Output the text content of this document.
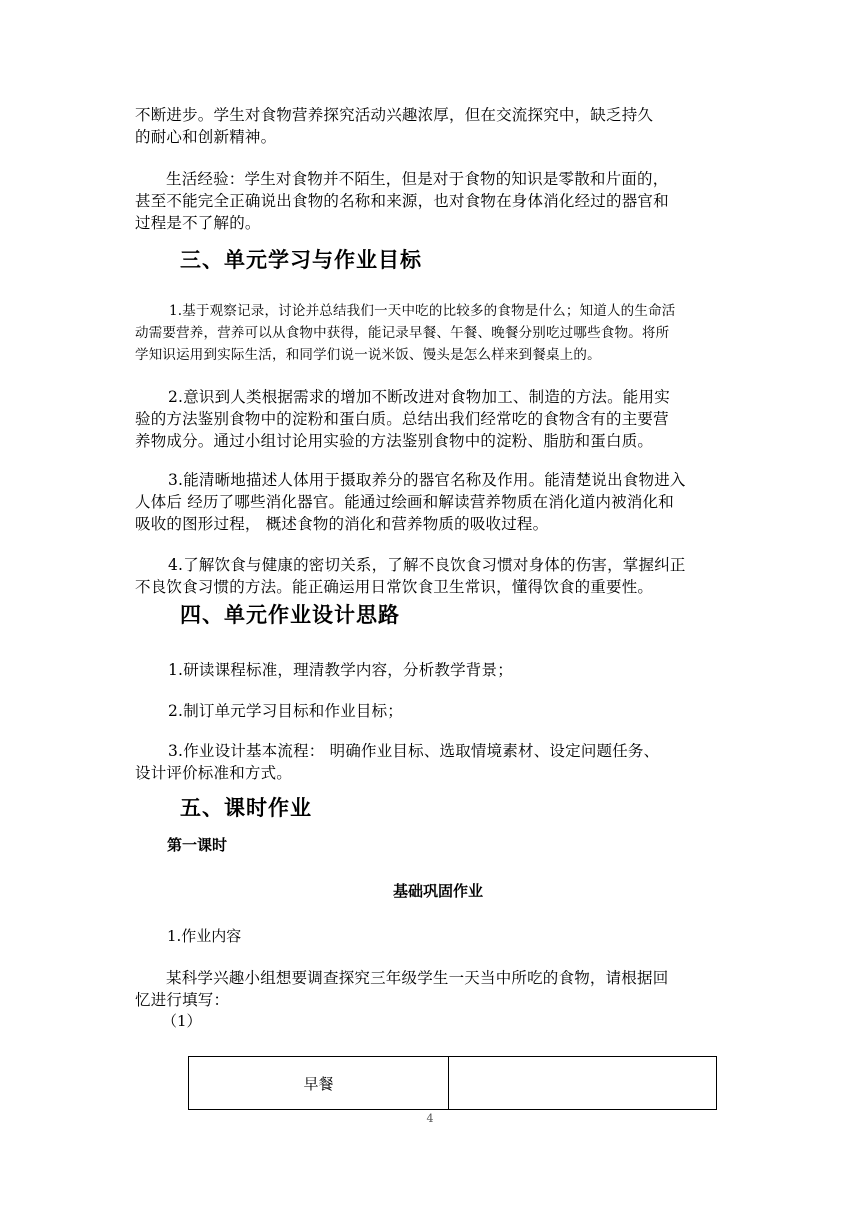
不断进步。学生对食物营养探究活动兴趣浓厚，但在交流探究中，缺乏持久
的耐心和创新精神。
生活经验：学生对食物并不陌生，但是对于食物的知识是零散和片面的，
甚至不能完全正确说出食物的名称和来源，也对食物在身体消化经过的器官和
过程是不了解的。
三、单元学习与作业目标
1.基于观察记录，讨论并总结我们一天中吃的比较多的食物是什么；知道人的生命活
动需要营养，营养可以从食物中获得，能记录早餐、午餐、晚餐分别吃过哪些食物。将所
学知识运用到实际生活，和同学们说一说米饭、馒头是怎么样来到餐桌上的。
2.意识到人类根据需求的增加不断改进对食物加工、制造的方法。能用实
验的方法鉴别食物中的淀粉和蛋白质。总结出我们经常吃的食物含有的主要营
养物成分。通过小组讨论用实验的方法鉴别食物中的淀粉、脂肪和蛋白质。
3.能清晰地描述人体用于摄取养分的器官名称及作用。能清楚说出食物进入
人体后 经历了哪些消化器官。能通过绘画和解读营养物质在消化道内被消化和
吸收的图形过程， 概述食物的消化和营养物质的吸收过程。
4.了解饮食与健康的密切关系，了解不良饮食习惯对身体的伤害，掌握纠正
不良饮食习惯的方法。能正确运用日常饮食卫生常识，懂得饮食的重要性。
四、单元作业设计思路
1.研读课程标准，理清教学内容，分析教学背景；
2.制订单元学习目标和作业目标；
3.作业设计基本流程： 明确作业目标、选取情境素材、设定问题任务、
设计评价标准和方式。
五、课时作业
第一课时
基础巩固作业
1.作业内容
某科学兴趣小组想要调查探究三年级学生一天当中所吃的食物，请根据回
忆进行填写：
（1）
早餐	
4
